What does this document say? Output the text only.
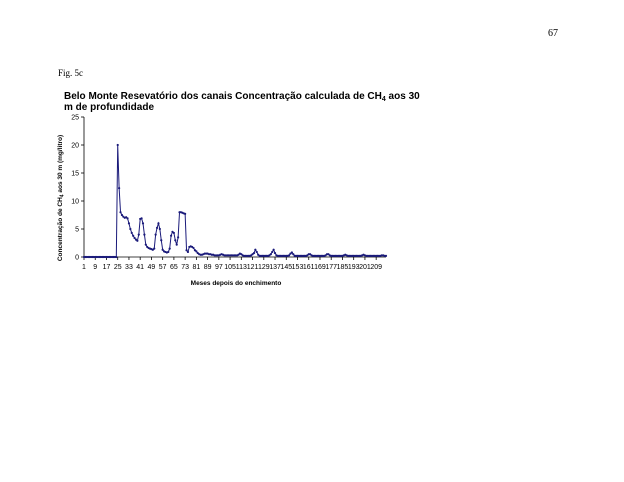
67
Fig. 5c
Belo Monte Resevatório dos canais Concentração calculada de $CH_4$ aos 30 m de profundidade
0
5
10
15
20
25
1 9 17 25 33 41 49 57 65 73 81 89 97 105 113 121 129 137 145 153 161 169 177 185 193 201 209
Meses depois do enchimento
Concentração de $CH_4$ aos 30 m (mg/litro)
